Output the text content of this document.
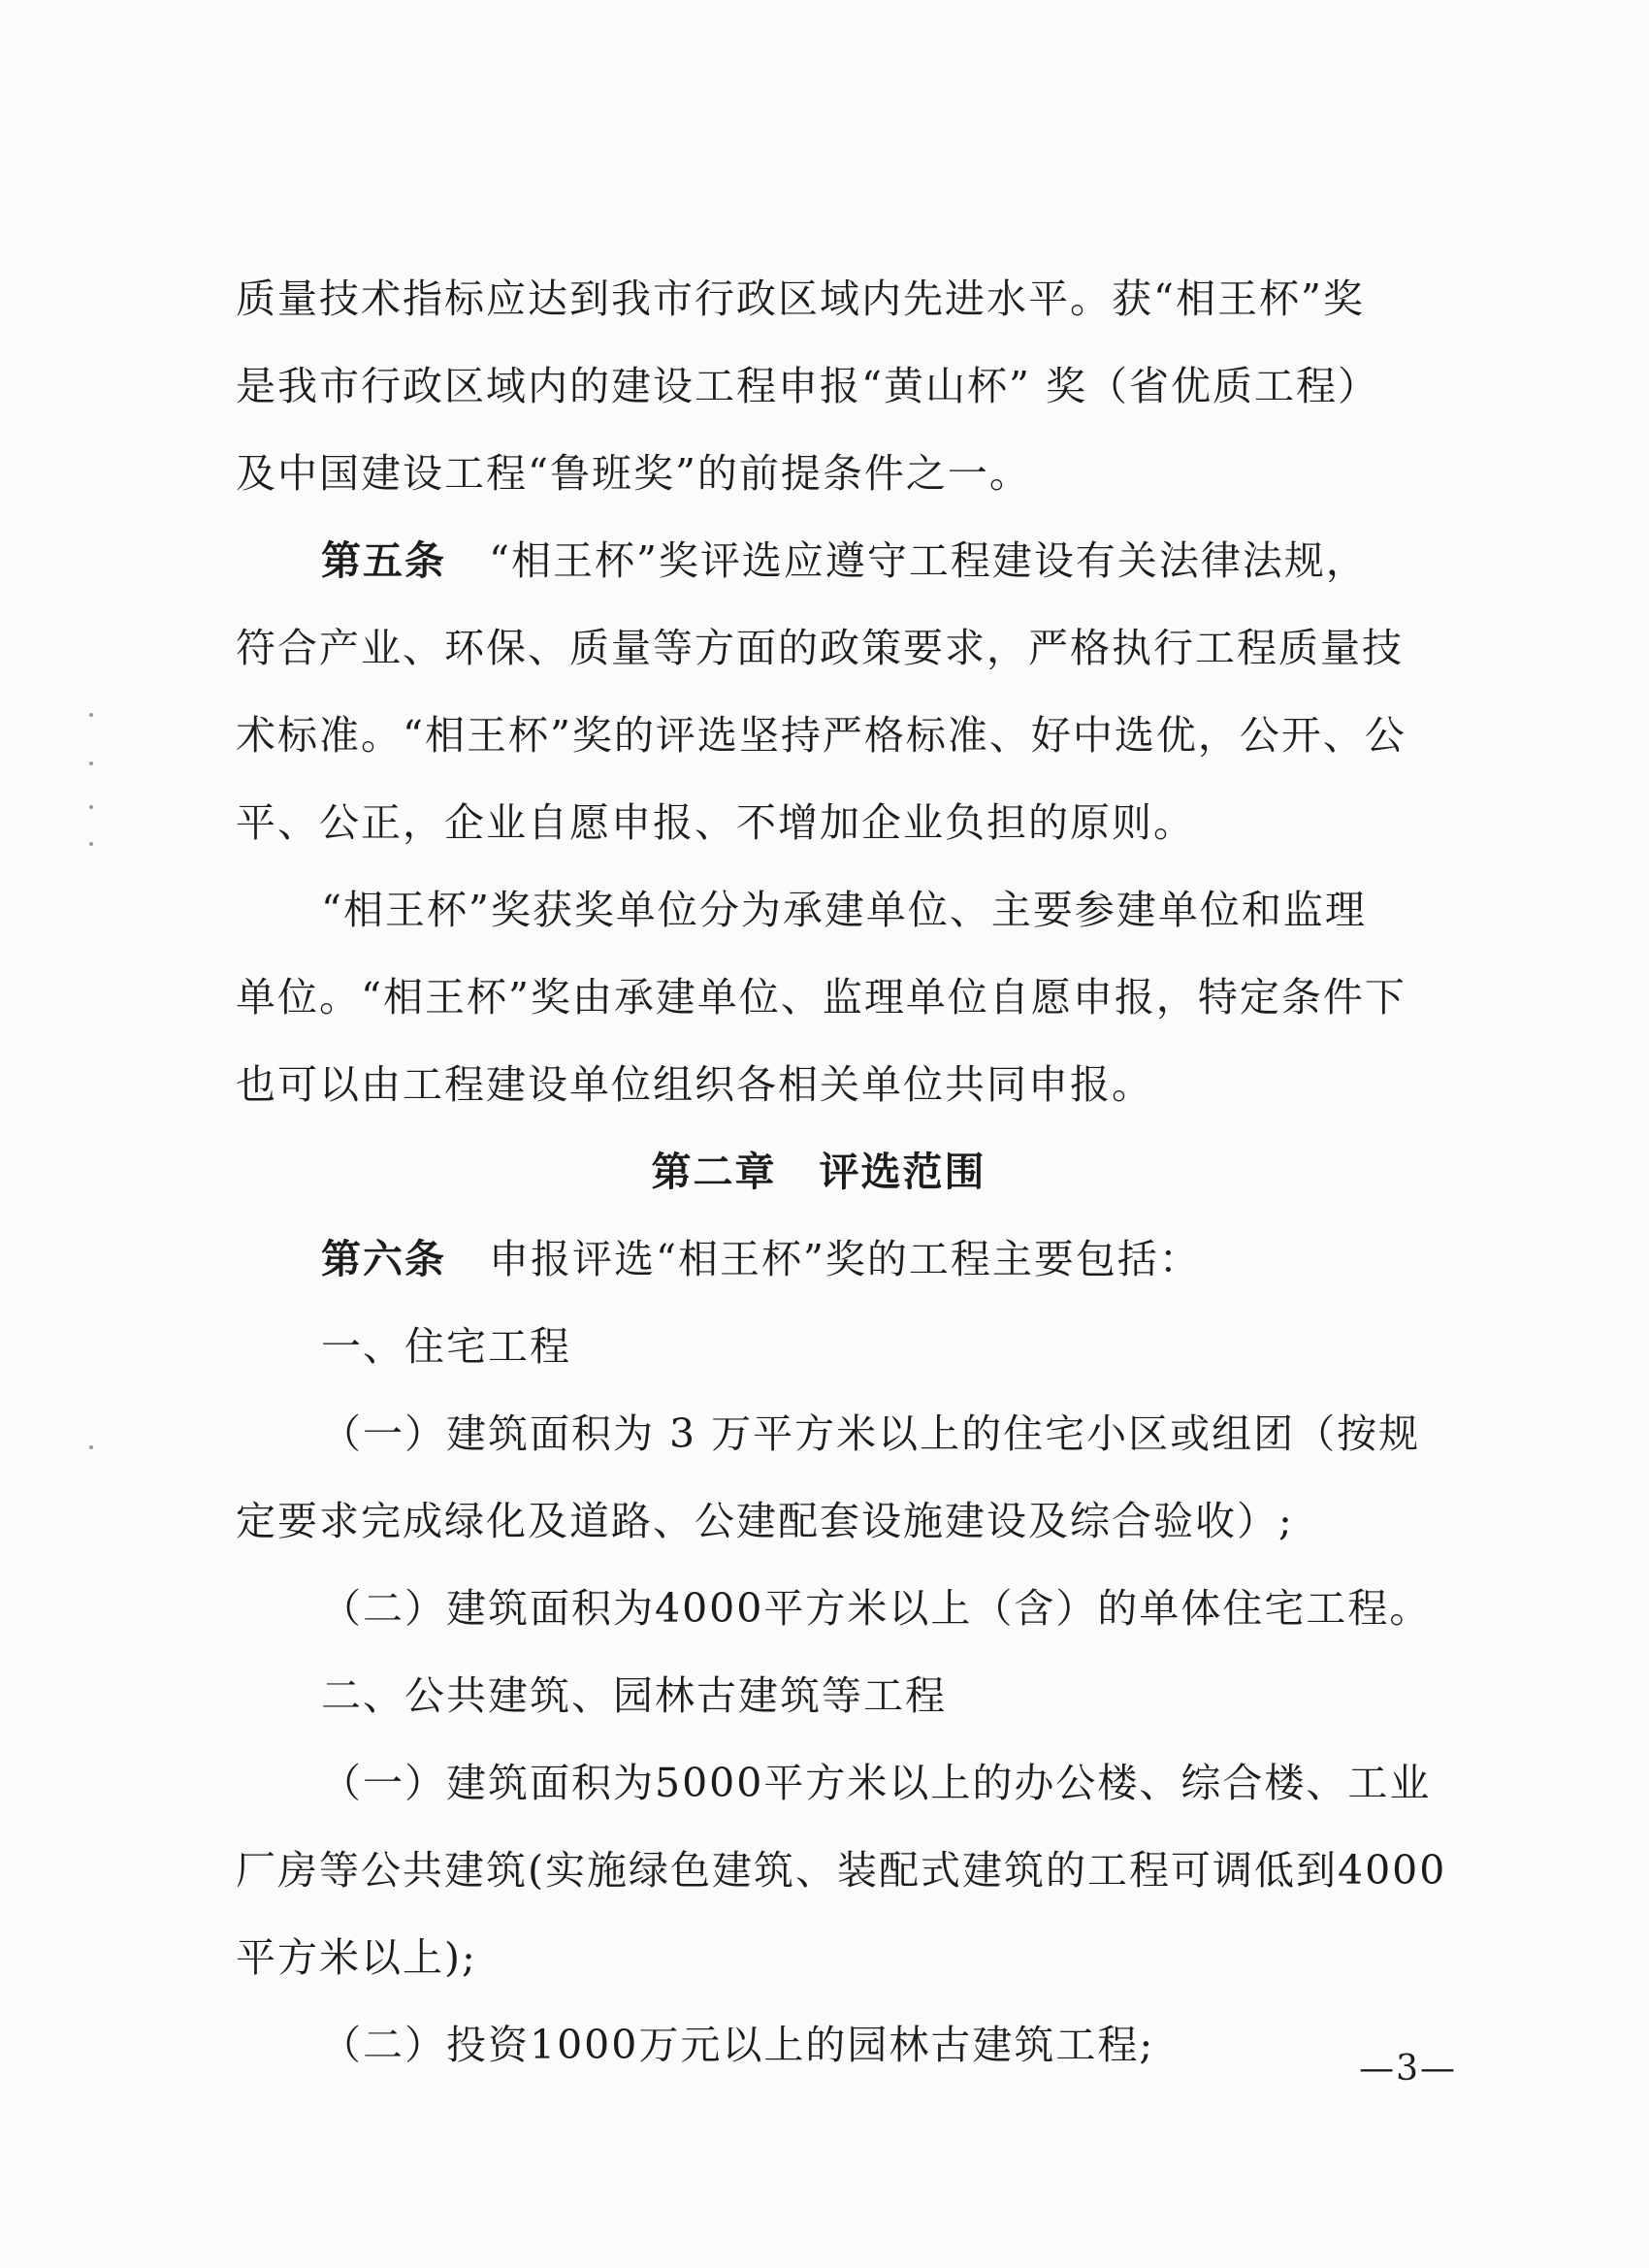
质量技术指标应达到我市行政区域内先进水平。获“相王杯”奖
是我市行政区域内的建设工程申报“黄山杯” 奖（省优质工程）
及中国建设工程“鲁班奖”的前提条件之一。
第五条 “相王杯”奖评选应遵守工程建设有关法律法规，
符合产业、环保、质量等方面的政策要求，严格执行工程质量技
术标准。“相王杯”奖的评选坚持严格标准、好中选优，公开、公
平、公正，企业自愿申报、不增加企业负担的原则。
“相王杯”奖获奖单位分为承建单位、主要参建单位和监理
单位。“相王杯”奖由承建单位、监理单位自愿申报，特定条件下
也可以由工程建设单位组织各相关单位共同申报。
第二章 评选范围
第六条 申报评选“相王杯”奖的工程主要包括：
一、住宅工程
（一）建筑面积为 3 万平方米以上的住宅小区或组团（按规
定要求完成绿化及道路、公建配套设施建设及综合验收）;
（二）建筑面积为4000平方米以上（含）的单体住宅工程。
二、公共建筑、园林古建筑等工程
（一）建筑面积为5000平方米以上的办公楼、综合楼、工业
厂房等公共建筑(实施绿色建筑、装配式建筑的工程可调低到4000
平方米以上);
（二）投资1000万元以上的园林古建筑工程;
—3—
